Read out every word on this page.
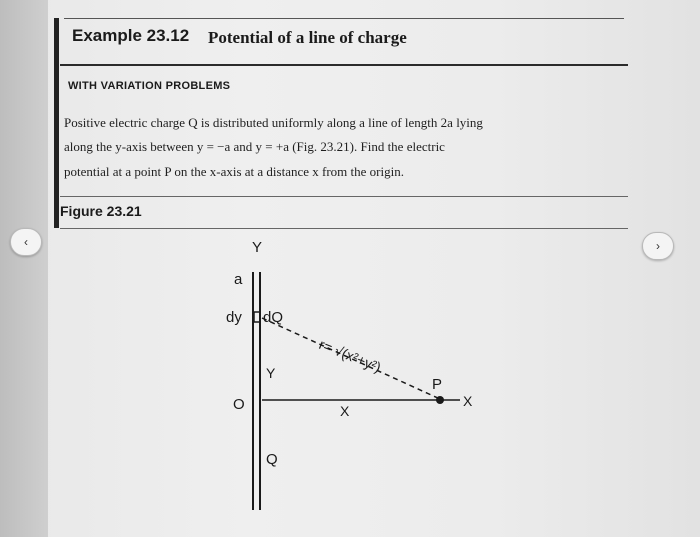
Example 23.12 Potential of a line of charge
WITH VARIATION PROBLEMS
Positive electric charge Q is distributed uniformly along a line of length 2a lying
along the y-axis between y = −a and y = +a (Fig. 23.21). Find the electric
potential at a point P on the x-axis at a distance x from the origin.
Figure 23.21
‹	›
Y
a
dy dQ
r= √(x²+y²)
Y
O
P
X
X
Q
